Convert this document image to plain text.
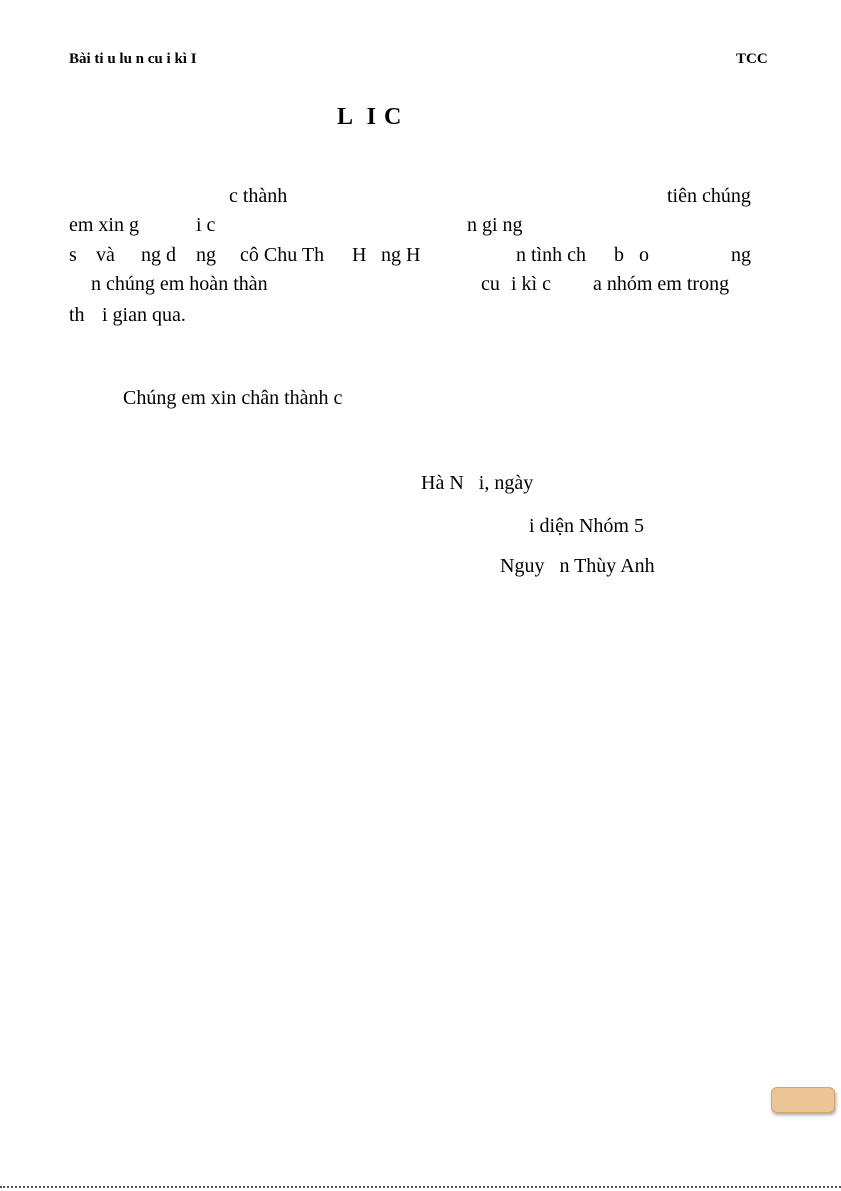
Bài ti u lu n cu i kì I	TCC
L  I C
c thành	tiên chúng
em xin g	i c	n gi ng
s và ng d ng cô Chu Th H ng H	n tình ch b o	ng
n chúng em hoàn thàn	cu i kì c a nhóm em trong
th i gian qua.
Chúng em xin chân thành c
Hà N   i, ngày
i diện Nhóm 5
Nguy   n Thùy Anh
